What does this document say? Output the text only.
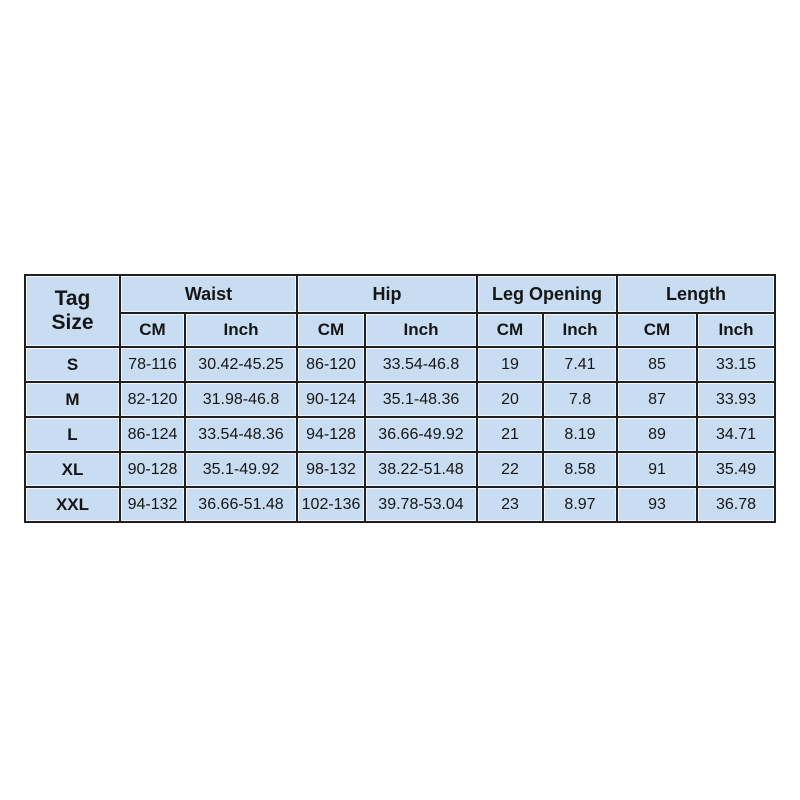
Tag
Size	Waist		Hip		Leg Opening		Length	
	CM	Inch	CM	Inch	CM	Inch	CM	Inch
S	78-116	30.42-45.25	86-120	33.54-46.8	19	7.41	85	33.15
M	82-120	31.98-46.8	90-124	35.1-48.36	20	7.8	87	33.93
L	86-124	33.54-48.36	94-128	36.66-49.92	21	8.19	89	34.71
XL	90-128	35.1-49.92	98-132	38.22-51.48	22	8.58	91	35.49
XXL	94-132	36.66-51.48	102-136	39.78-53.04	23	8.97	93	36.78
